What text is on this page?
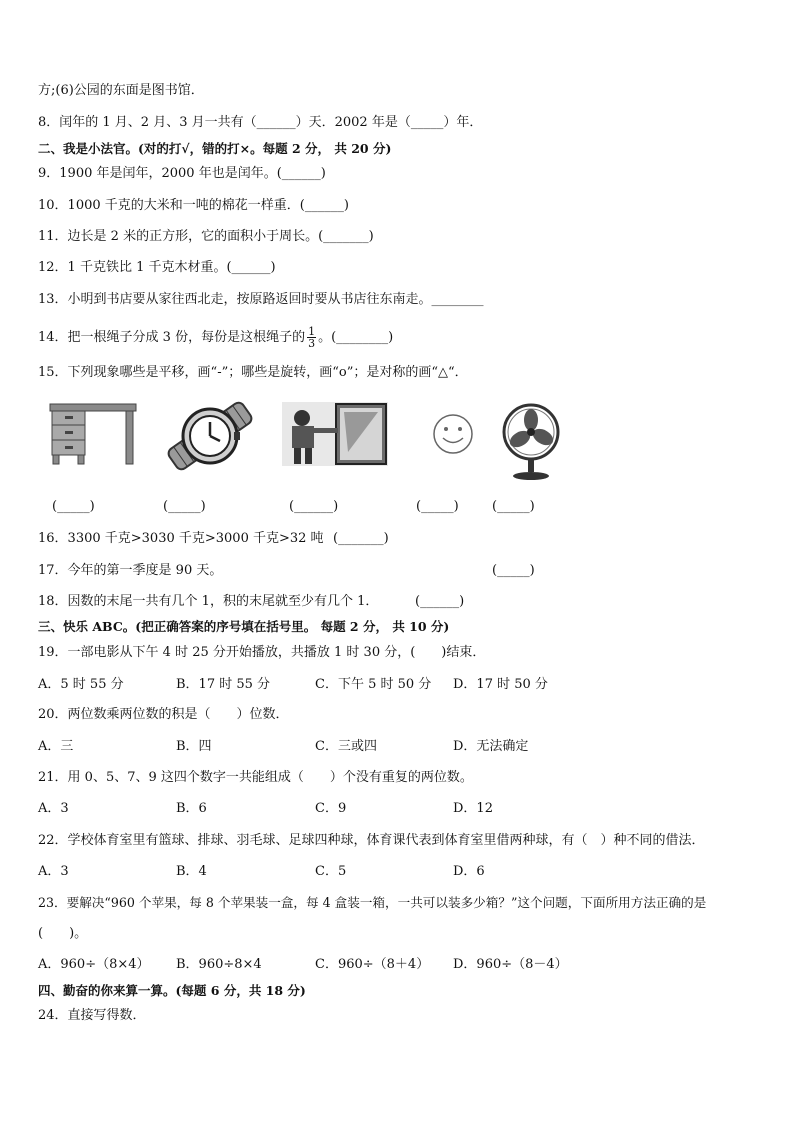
方;(6)公园的东面是图书馆．
8．闰年的 1 月、2 月、3 月一共有（______）天．2002 年是（_____）年．
二、我是小法官。(对的打√，错的打×。每题 2 分， 共 20 分)
9．1900 年是闰年，2000 年也是闰年。(______)
10．1000 千克的大米和一吨的棉花一样重．(______)
11．边长是 2 米的正方形，它的面积小于周长。(_______)
12．1 千克铁比 1 千克木材重。(______)
13．小明到书店要从家往西北走，按原路返回时要从书店往东南走。________
14．把一根绳子分成 3 份，每份是这根绳子的 $\frac{1}{3}$ 。(________)
15．下列现象哪些是平移，画“-”；哪些是旋转，画“o”；是对称的画“△“．
(_____)	(_____)	(______)	(_____)	(_____)
16．3300 千克>3030 千克>3000 千克>32 吨 (_______)
17．今年的第一季度是 90 天。	(_____)
18．因数的末尾一共有几个 1，积的末尾就至少有几个 1．	(______)
三、快乐 ABC。(把正确答案的序号填在括号里。 每题 2 分， 共 10 分)
19．一部电影从下午 4 时 25 分开始播放，共播放 1 时 30 分，(　　)结束．
A．5 时 55 分	B．17 时 55 分	C．下午 5 时 50 分 D．17 时 50 分
20．两位数乘两位数的积是（　　）位数．
A．三	B．四	C．三或四	D．无法确定
21．用 0、5、7、9 这四个数字一共能组成（　　）个没有重复的两位数。
A．3	B．6	C．9	D．12
22．学校体育室里有篮球、排球、羽毛球、足球四种球，体育课代表到体育室里借两种球，有（　）种不同的借法．
A．3	B．4	C．5	D．6
23．要解决“960 个苹果，每 8 个苹果装一盒，每 4 盒装一箱，一共可以装多少箱？”这个问题，下面所用方法正确的是
(　　)。
A．960÷（8×4） B．960÷8×4	C．960÷（8＋4） D．960÷（8－4）
四、勤奋的你来算一算。(每题 6 分，共 18 分)
24．直接写得数．
